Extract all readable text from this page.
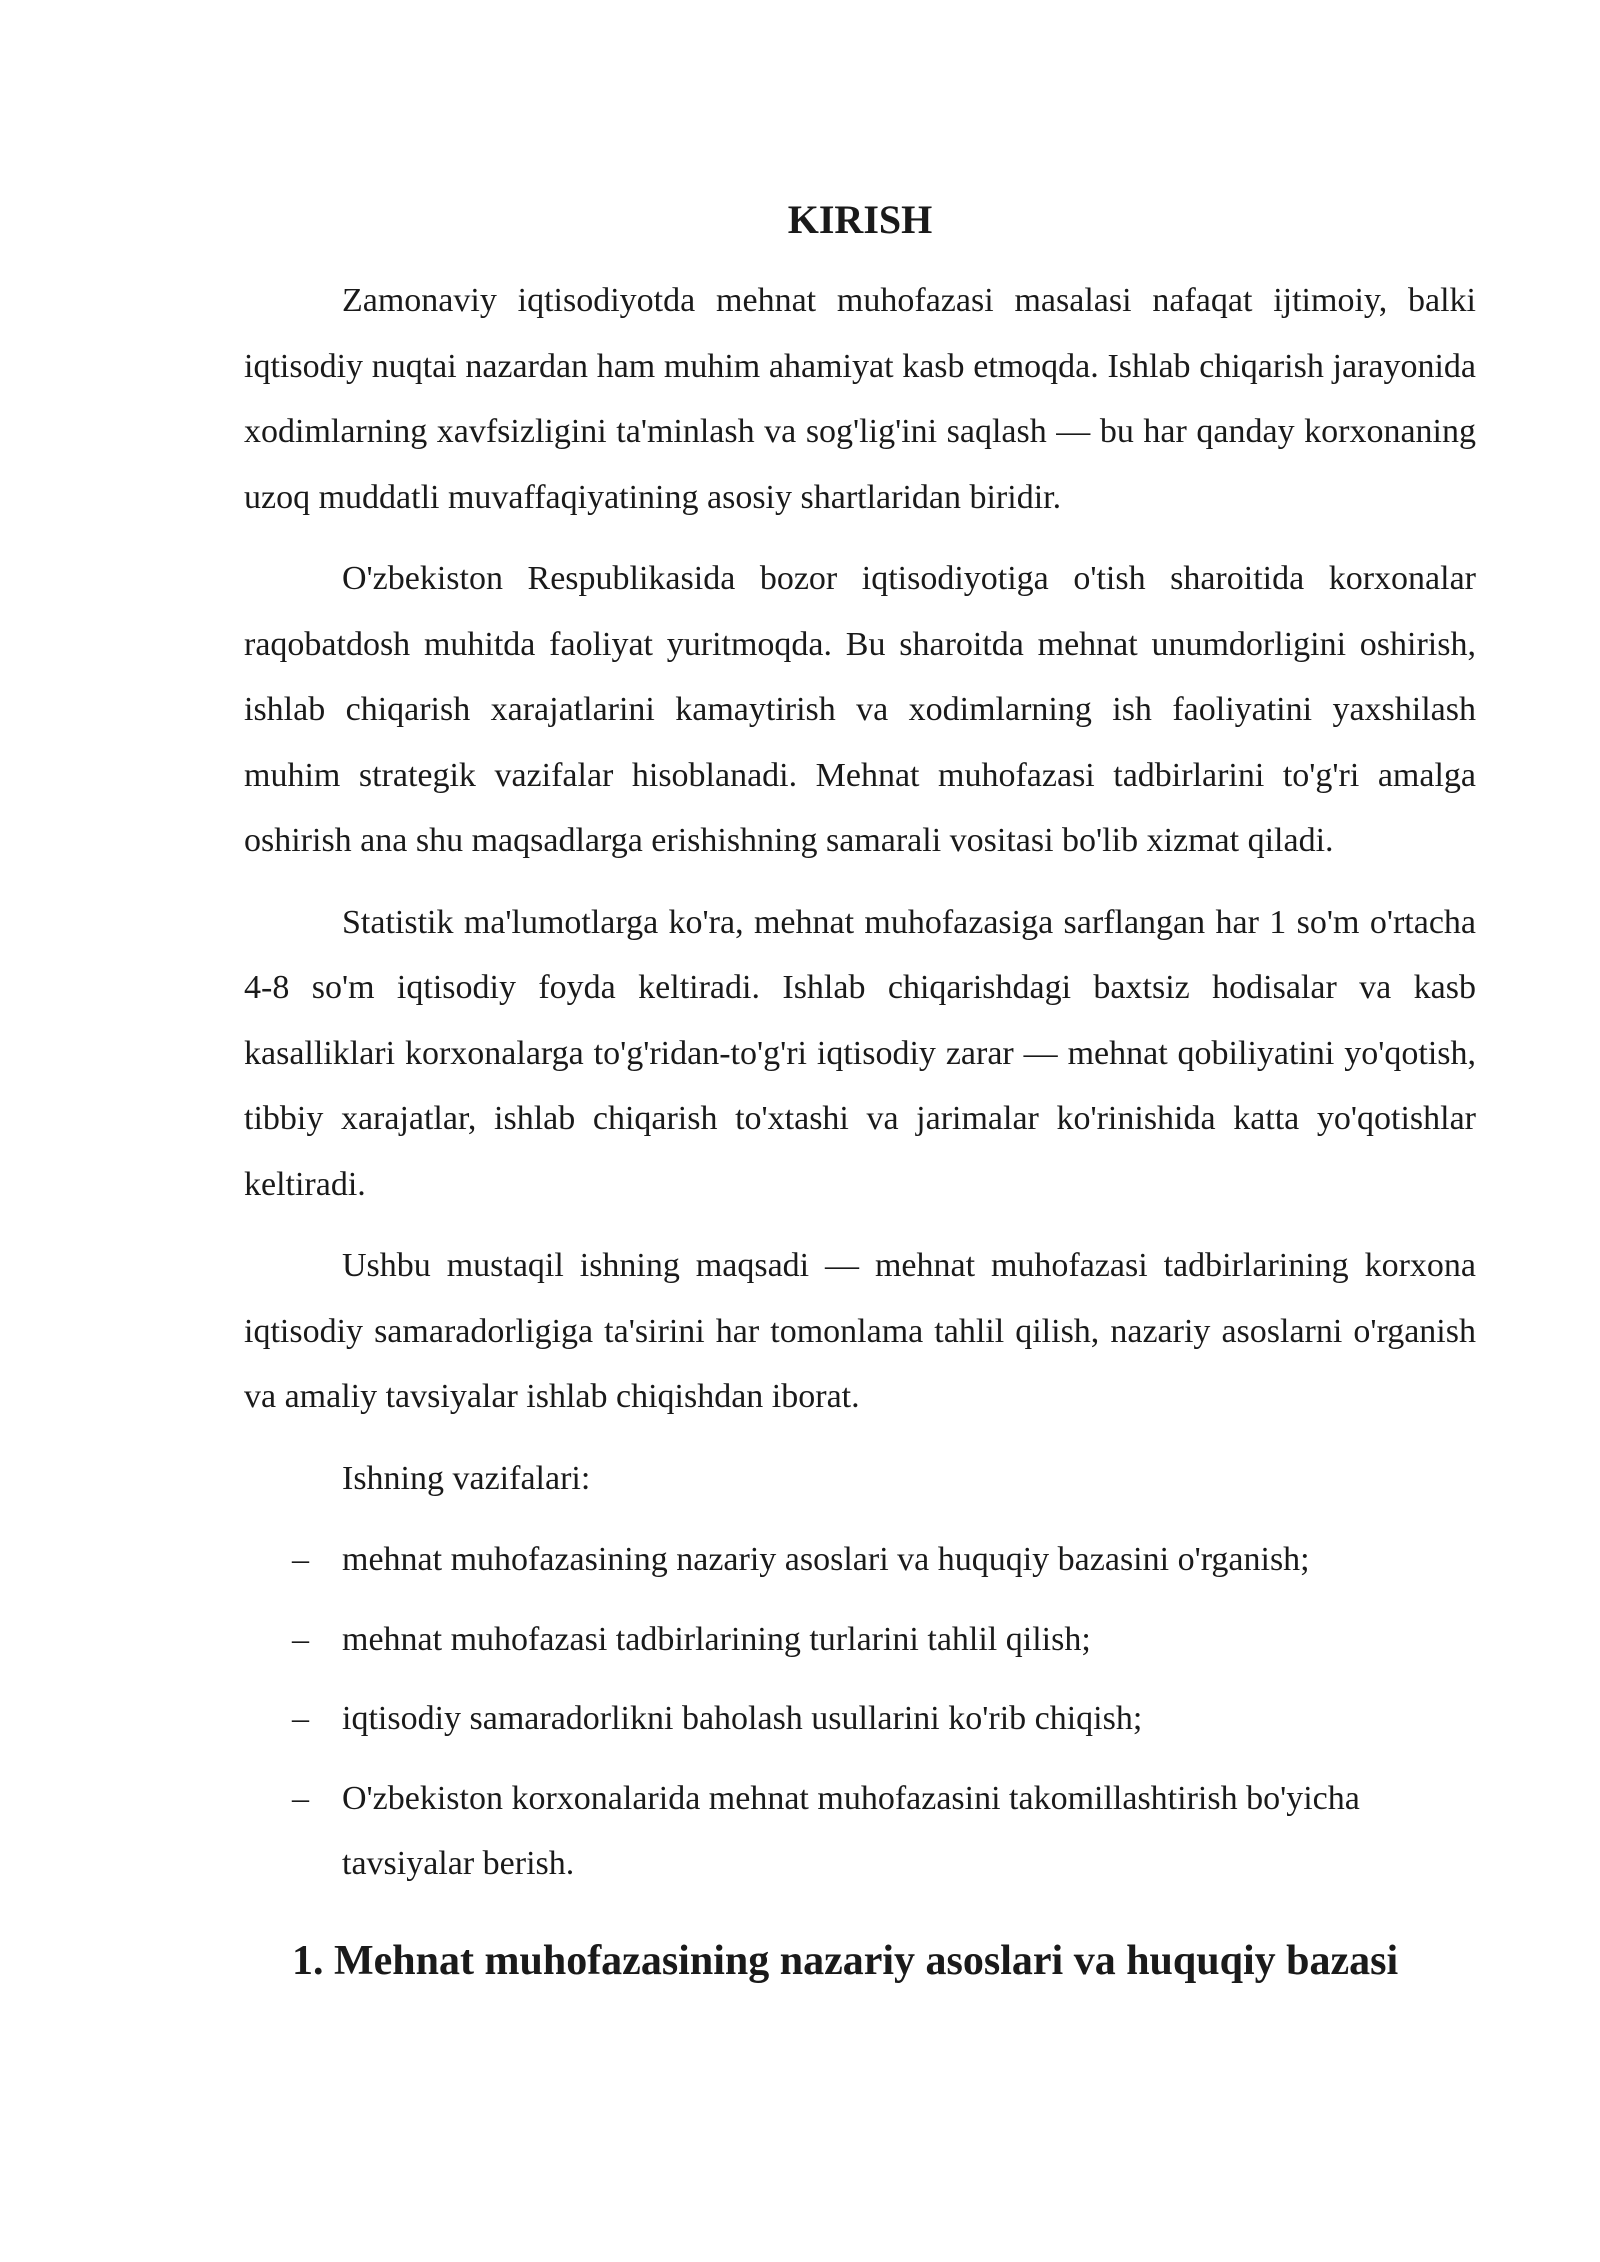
KIRISH

Zamonaviy iqtisodiyotda mehnat muhofazasi masalasi nafaqat ijtimoiy, balki iqtisodiy nuqtai nazardan ham muhim ahamiyat kasb etmoqda. Ishlab chiqarish jarayonida xodimlarning xavfsizligini ta'minlash va sog'lig'ini saqlash — bu har qanday korxonaning uzoq muddatli muvaffaqiyatining asosiy shartlaridan biridir.

O'zbekiston Respublikasida bozor iqtisodiyotiga o'tish sharoitida korxonalar raqobatdosh muhitda faoliyat yuritmoqda. Bu sharoitda mehnat unumdorligini oshirish, ishlab chiqarish xarajatlarini kamaytirish va xodimlarning ish faoliyatini yaxshilash muhim strategik vazifalar hisoblanadi. Mehnat muhofazasi tadbirlarini to'g'ri amalga oshirish ana shu maqsadlarga erishishning samarali vositasi bo'lib xizmat qiladi.

Statistik ma'lumotlarga ko'ra, mehnat muhofazasiga sarflangan har 1 so'm o'rtacha 4-8 so'm iqtisodiy foyda keltiradi. Ishlab chiqarishdagi baxtsiz hodisalar va kasb kasalliklari korxonalarga to'g'ridan-to'g'ri iqtisodiy zarar — mehnat qobiliyatini yo'qotish, tibbiy xarajatlar, ishlab chiqarish to'xtashi va jarimalar ko'rinishida katta yo'qotishlar keltiradi.

Ushbu mustaqil ishning maqsadi — mehnat muhofazasi tadbirlarining korxona iqtisodiy samaradorligiga ta'sirini har tomonlama tahlil qilish, nazariy asoslarni o'rganish va amaliy tavsiyalar ishlab chiqishdan iborat.

Ishning vazifalari:

– mehnat muhofazasining nazariy asoslari va huquqiy bazasini o'rganish;
– mehnat muhofazasi tadbirlarining turlarini tahlil qilish;
– iqtisodiy samaradorlikni baholash usullarini ko'rib chiqish;
– O'zbekiston korxonalarida mehnat muhofazasini takomillashtirish bo'yicha tavsiyalar berish.
1. Mehnat muhofazasining nazariy asoslari va huquqiy bazasi
